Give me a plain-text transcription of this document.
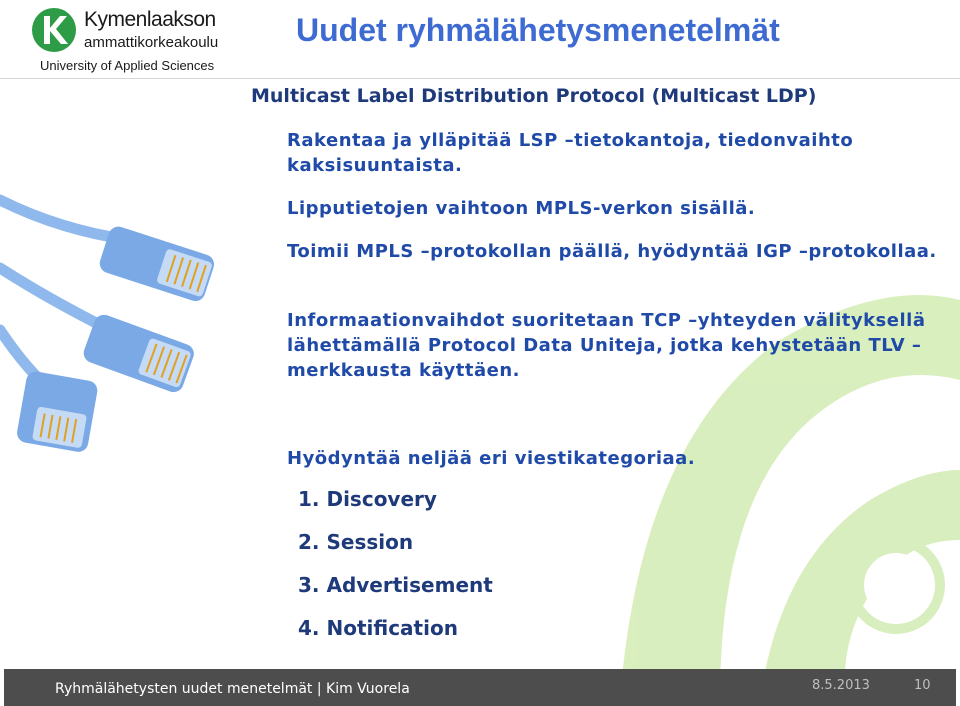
Kymenlaakson
ammattikorkeakoulu
University of Applied Sciences
Uudet ryhmälähetysmenetelmät
Multicast Label Distribution Protocol (Multicast LDP)
Rakentaa ja ylläpitää LSP –tietokantoja, tiedonvaihto kaksisuuntaista.
Lipputietojen vaihtoon MPLS-verkon sisällä.
Toimii MPLS –protokollan päällä, hyödyntää IGP –protokollaa.
Informaationvaihdot suoritetaan TCP –yhteyden välityksellä lähettämällä Protocol Data Uniteja, jotka kehystetään TLV –merkkausta käyttäen.
Hyödyntää neljää eri viestikategoriaa.
1. Discovery
2. Session
3. Advertisement
4. Notification
Ryhmälähetysten uudet menetelmät | Kim Vuorela	8.5.2013	10
